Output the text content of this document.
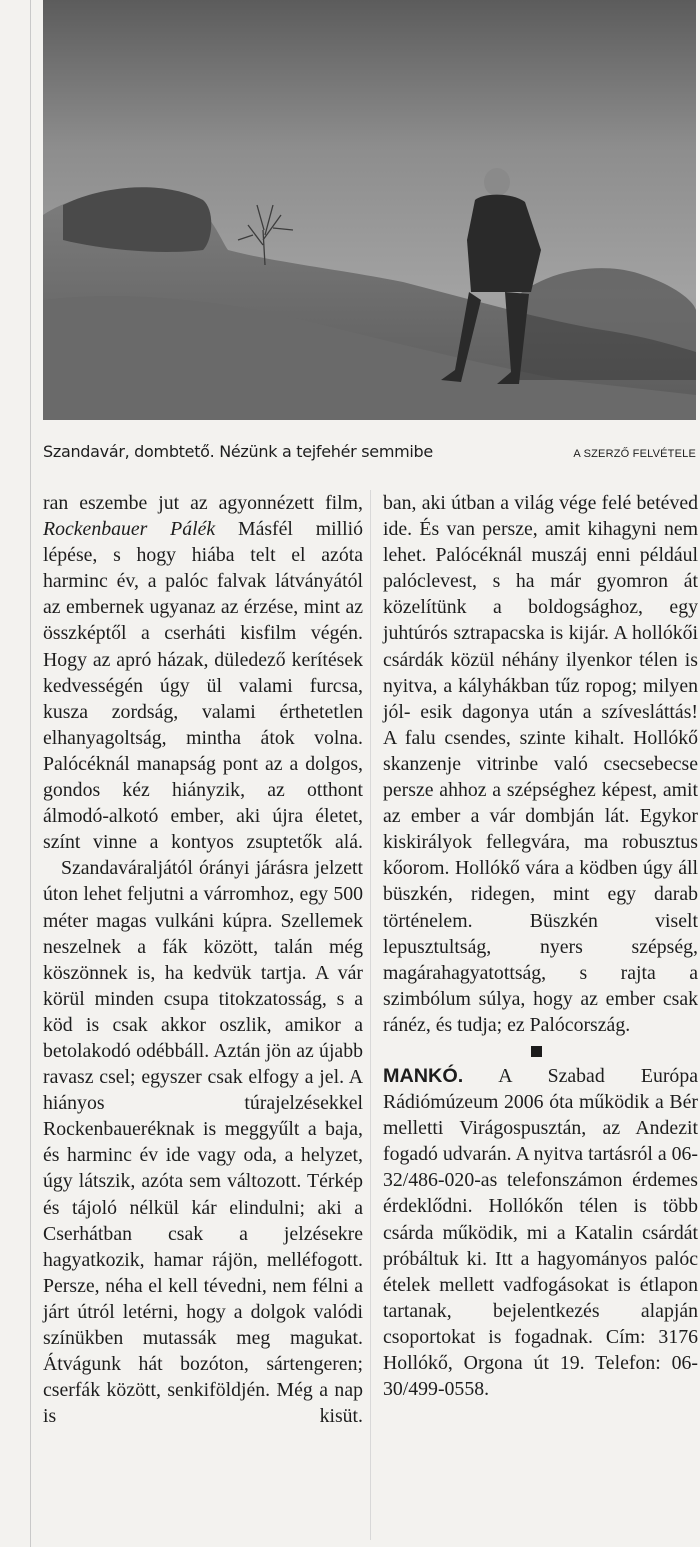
Szandavár, dombtető. Nézünk a tejfehér semmibe	A SZERZŐ FELVÉTELE

ran eszembe jut az agyonnézett film, Rockenbauer Pálék Másfél millió lépése, s hogy hiába telt el azóta harminc év, a palóc falvak látványától az embernek ugyanaz az érzése, mint az összképtől a cserháti kisfilm végén. Hogy az apró házak, düledező kerítések kedvességén úgy ül valami furcsa, kusza zordság, valami érthetetlen elhanyagoltság, mintha átok volna. Palócéknál manapság pont az a dolgos, gondos kéz hiányzik, az otthont álmodó-alkotó ember, aki újra életet, színt vinne a kontyos zsuptetők alá.

Szandaváraljától órányi járásra jelzett úton lehet feljutni a várromhoz, egy 500 méter magas vulkáni kúpra. Szellemek neszelnek a fák között, talán még köszönnek is, ha kedvük tartja. A vár körül minden csupa titokzatosság, s a köd is csak akkor oszlik, amikor a betolakodó odébbáll. Aztán jön az újabb ravasz csel; egyszer csak elfogy a jel. A hiányos túrajelzésekkel Rockenbaueréknak is meggyűlt a baja, és harminc év ide vagy oda, a helyzet, úgy látszik, azóta sem változott. Térkép és tájoló nélkül kár elindulni; aki a Cserhátban csak a jelzésekre hagyatkozik, hamar rájön, melléfogott. Persze, néha el kell tévedni, nem félni a járt útról letérni, hogy a dolgok valódi színükben mutassák meg magukat. Átvágunk hát bozóton, sártengeren; cserfák között, senkiföldjén. Még a nap is kisüt.

ban, aki útban a világ vége felé betéved ide. És van persze, amit kihagyni nem lehet. Palócéknál muszáj enni például palóclevest, s ha már gyomron át közelítünk a boldogsághoz, egy juhtúrós sztrapacska is kijár. A hollókői csárdák közül néhány ilyenkor télen is nyitva, a kályhákban tűz ropog; milyen jól- esik dagonya után a szívesláttás!

A falu csendes, szinte kihalt. Hollókő skanzenje vitrinbe való csecsebecse persze ahhoz a szépséghez képest, amit az ember a vár dombján lát. Egykor kiskirályok fellegvára, ma robusztus kőorom. Hollókő vára a ködben úgy áll büszkén, ridegen, mint egy darab történelem. Büszkén viselt lepusztultság, nyers szépség, magárahagyatottság, s rajta a szimbólum súlya, hogy az ember csak ránéz, és tudja; ez Palócország.

MANKÓ. A Szabad Európa Rádiómúzeum 2006 óta működik a Bér melletti Virágospusztán, az Andezit fogadó udvarán. A nyitva tartásról a 06-32/486-020-as telefonszámon érdemes érdeklődni. Hollókőn télen is több csárda működik, mi a Katalin csárdát próbáltuk ki. Itt a hagyományos palóc ételek mellett vadfogásokat is étlapon tartanak, bejelentkezés alapján csoportokat is fogadnak. Cím: 3176 Hollókő, Orgona út 19. Telefon: 06-30/499-0558.
